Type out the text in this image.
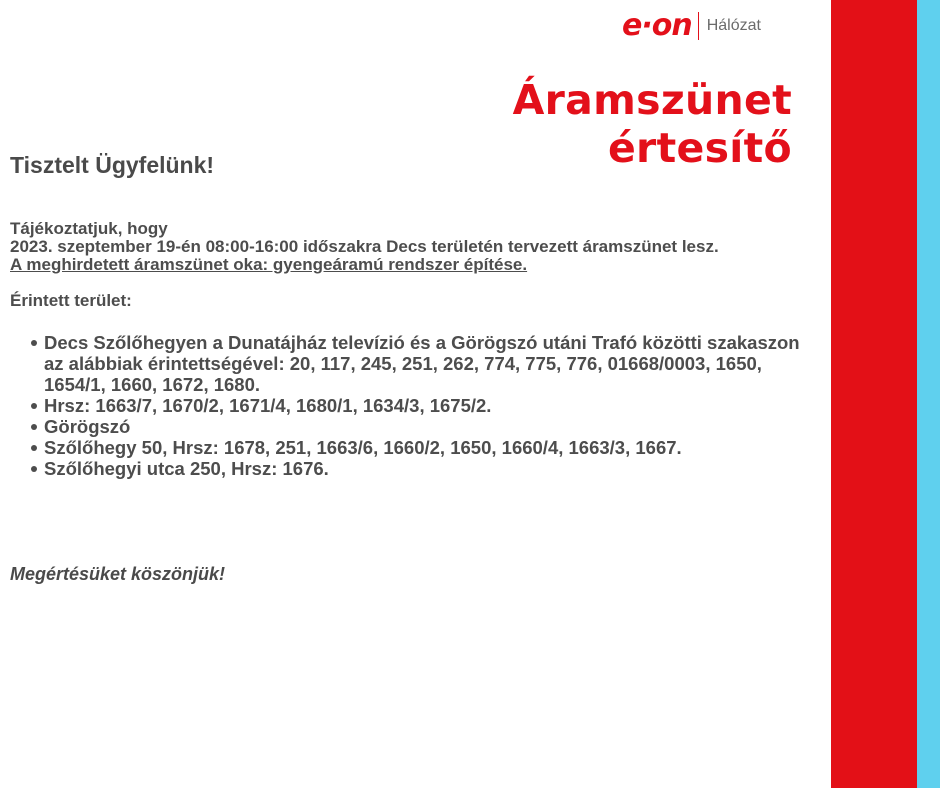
e·on Hálózat
Áramszünet
értesítő
Tisztelt Ügyfelünk!

Tájékoztatjuk, hogy

2023. szeptember 19-én 08:00-16:00 időszakra Decs területén tervezett áramszünet lesz.

A meghirdetett áramszünet oka: gyengeáramú rendszer építése.

Érintett terület:

Decs Szőlőhegyen a Dunatájház televízió és a Görögszó utáni Trafó közötti szakaszon az alábbiak érintettségével: 20, 117, 245, 251, 262, 774, 775, 776, 01668/0003, 1650, 1654/1, 1660, 1672, 1680.
Hrsz: 1663/7, 1670/2, 1671/4, 1680/1, 1634/3, 1675/2.
Görögszó
Szőlőhegy 50, Hrsz: 1678, 251, 1663/6, 1660/2, 1650, 1660/4, 1663/3, 1667.
Szőlőhegyi utca 250, Hrsz: 1676.
Megértésüket köszönjük!
